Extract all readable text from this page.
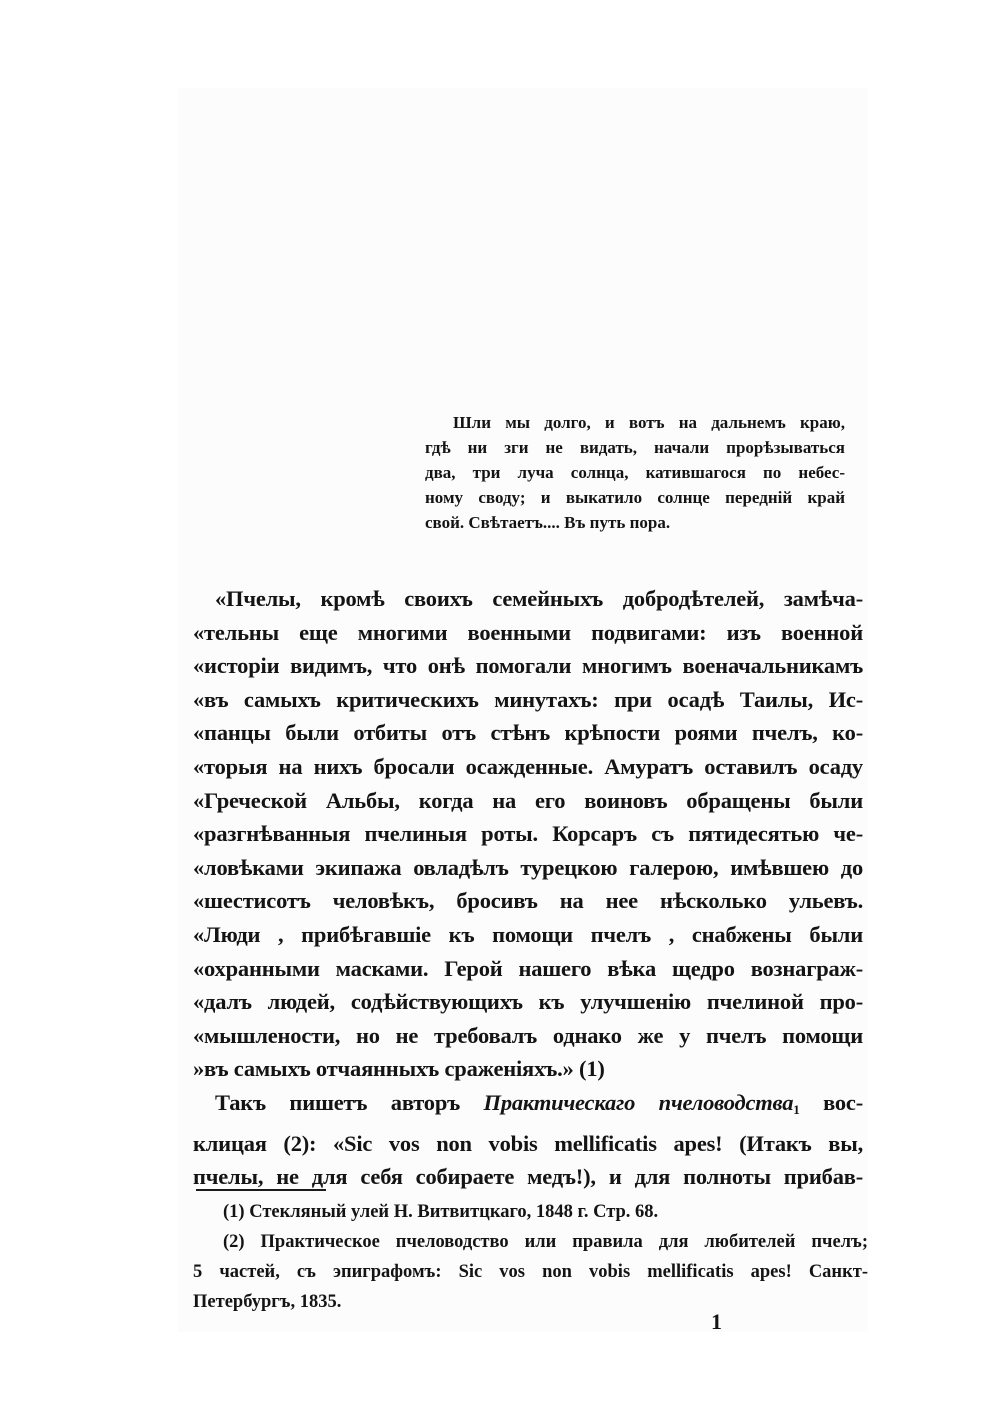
Шли мы долго, и вотъ на дальнемъ краю,
гдѣ ни зги не видать, начали прорѣзываться
два, три луча солнца, катившагося по небес-
ному своду; и выкатило солнце передній край
свой. Свѣтаетъ.... Въ путь пора.
«Пчелы, кромѣ своихъ семейныхъ добродѣтелей, замѣча-
«тельны еще многими военными подвигами: изъ военной
«исторіи видимъ, что онѣ помогали многимъ военачальникамъ
«въ самыхъ критическихъ минутахъ: при осадѣ Таилы, Ис-
«панцы были отбиты отъ стѣнъ крѣпости роями пчелъ, ко-
«торыя на нихъ бросали осажденные. Амуратъ оставилъ осаду
«Греческой Альбы, когда на его воиновъ обращены были
«разгнѣванныя пчелиныя роты. Корсаръ съ пятидесятью че-
«ловѣками экипажа овладѣлъ турецкою галерою, имѣвшею до
«шестисотъ человѣкъ, бросивъ на нее нѣсколько ульевъ.
«Люди , прибѣгавшіе къ помощи пчелъ , снабжены были
«охранными масками. Герой нашего вѣка щедро вознаграж-
«далъ людей, содѣйствующихъ къ улучшенію пчелиной про-
«мышлености, но не требовалъ однако же у пчелъ помощи
»въ самыхъ отчаянныхъ сраженіяхъ.» (1)
Такъ пишетъ авторъ Практическаго пчеловодства$_1$ вос-
клицая (2): «Sic vos non vobis mellificatis apes! (Итакъ вы,
пчелы, не для себя собираете медъ!), и для полноты прибав-
(1) Стекляный улей Н. Витвитцкаго, 1848 г. Стр. 68.
(2) Практическое пчеловодство или правила для любителей пчелъ;
5 частей, съ эпиграфомъ: Sic vos non vobis mellificatis apes! Санкт-
Петербургъ, 1835.
1
